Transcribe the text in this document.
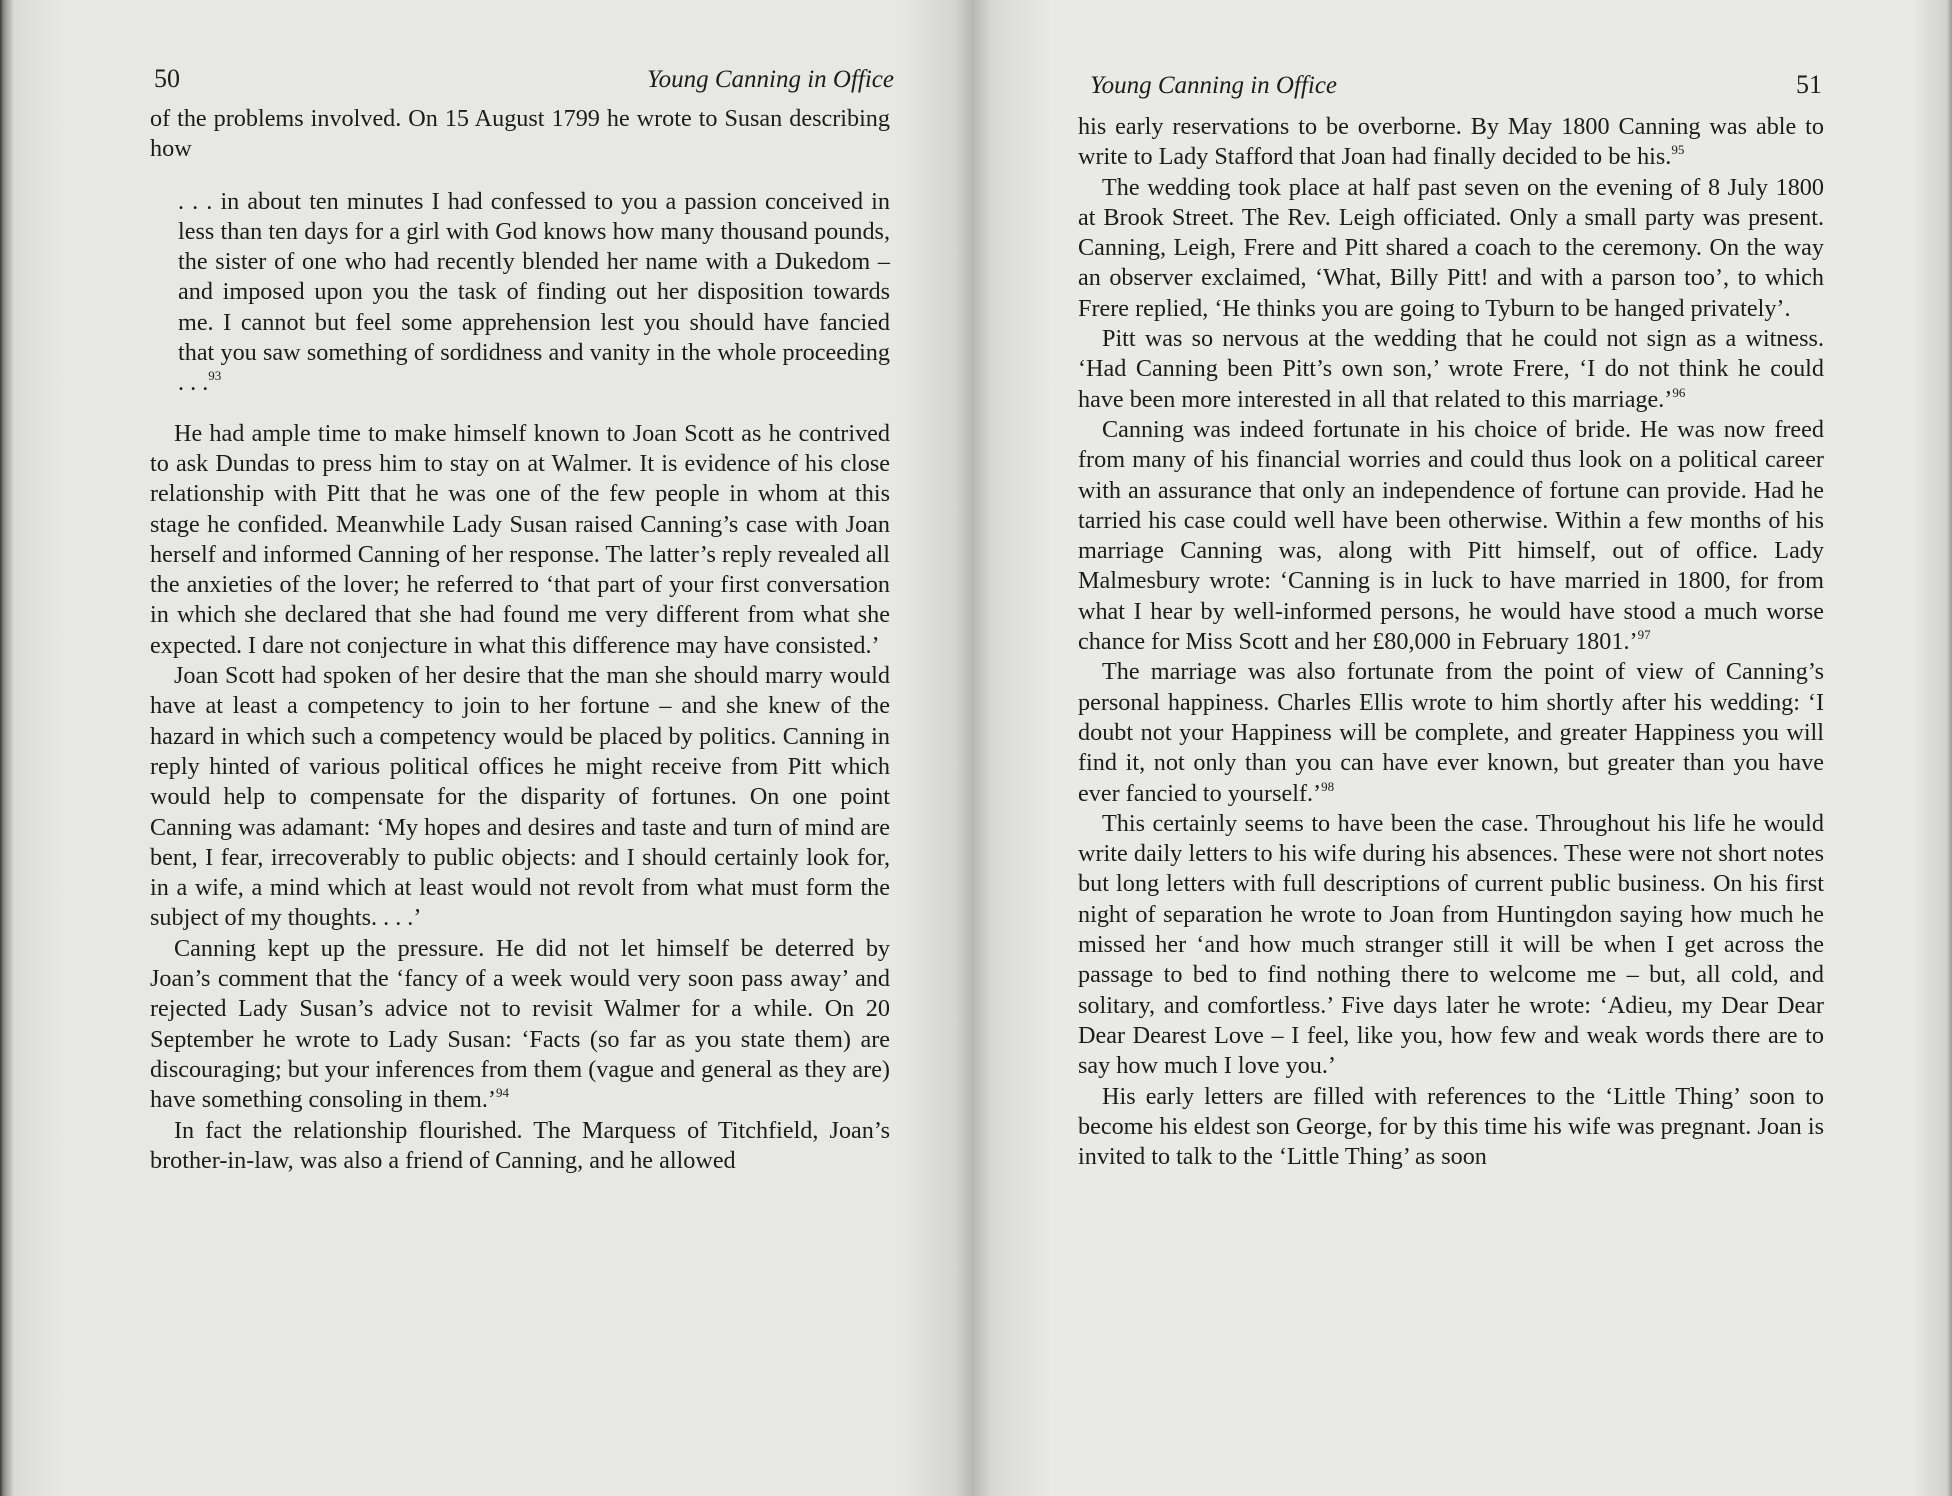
50	Young Canning in Office

of the problems involved. On 15 August 1799 he wrote to Susan describing how

. . . in about ten minutes I had confessed to you a passion conceived in less than ten days for a girl with God knows how many thousand pounds, the sister of one who had recently blended her name with a Dukedom – and imposed upon you the task of finding out her disposition towards me. I cannot but feel some apprehension lest you should have fancied that you saw something of sordidness and vanity in the whole proceeding . . .$^{93}$

He had ample time to make himself known to Joan Scott as he contrived to ask Dundas to press him to stay on at Walmer. It is evidence of his close relationship with Pitt that he was one of the few people in whom at this stage he confided. Meanwhile Lady Susan raised Canning’s case with Joan herself and informed Canning of her response. The latter’s reply revealed all the anxieties of the lover; he referred to ‘that part of your first conversation in which she declared that she had found me very different from what she expected. I dare not conjecture in what this difference may have consisted.’

Joan Scott had spoken of her desire that the man she should marry would have at least a competency to join to her fortune – and she knew of the hazard in which such a competency would be placed by politics. Canning in reply hinted of various political offices he might receive from Pitt which would help to compensate for the disparity of fortunes. On one point Canning was adamant: ‘My hopes and desires and taste and turn of mind are bent, I fear, irrecoverably to public objects: and I should certainly look for, in a wife, a mind which at least would not revolt from what must form the subject of my thoughts. . . .’

Canning kept up the pressure. He did not let himself be deterred by Joan’s comment that the ‘fancy of a week would very soon pass away’ and rejected Lady Susan’s advice not to revisit Walmer for a while. On 20 September he wrote to Lady Susan: ‘Facts (so far as you state them) are discouraging; but your inferences from them (vague and general as they are) have something consoling in them.’$^{94}$

In fact the relationship flourished. The Marquess of Titchfield, Joan’s brother-in-law, was also a friend of Canning, and he allowed

Young Canning in Office	51

his early reservations to be overborne. By May 1800 Canning was able to write to Lady Stafford that Joan had finally decided to be his.$^{95}$

The wedding took place at half past seven on the evening of 8 July 1800 at Brook Street. The Rev. Leigh officiated. Only a small party was present. Canning, Leigh, Frere and Pitt shared a coach to the ceremony. On the way an observer exclaimed, ‘What, Billy Pitt! and with a parson too’, to which Frere replied, ‘He thinks you are going to Tyburn to be hanged privately’.

Pitt was so nervous at the wedding that he could not sign as a witness. ‘Had Canning been Pitt’s own son,’ wrote Frere, ‘I do not think he could have been more interested in all that related to this marriage.’$^{96}$

Canning was indeed fortunate in his choice of bride. He was now freed from many of his financial worries and could thus look on a political career with an assurance that only an independence of fortune can provide. Had he tarried his case could well have been otherwise. Within a few months of his marriage Canning was, along with Pitt himself, out of office. Lady Malmesbury wrote: ‘Canning is in luck to have married in 1800, for from what I hear by well-informed persons, he would have stood a much worse chance for Miss Scott and her £80,000 in February 1801.’$^{97}$

The marriage was also fortunate from the point of view of Canning’s personal happiness. Charles Ellis wrote to him shortly after his wedding: ‘I doubt not your Happiness will be complete, and greater Happiness you will find it, not only than you can have ever known, but greater than you have ever fancied to yourself.’$^{98}$

This certainly seems to have been the case. Throughout his life he would write daily letters to his wife during his absences. These were not short notes but long letters with full descriptions of current public business. On his first night of separation he wrote to Joan from Huntingdon saying how much he missed her ‘and how much stranger still it will be when I get across the passage to bed to find nothing there to welcome me – but, all cold, and solitary, and comfortless.’ Five days later he wrote: ‘Adieu, my Dear Dear Dear Dearest Love – I feel, like you, how few and weak words there are to say how much I love you.’

His early letters are filled with references to the ‘Little Thing’ soon to become his eldest son George, for by this time his wife was pregnant. Joan is invited to talk to the ‘Little Thing’ as soon
